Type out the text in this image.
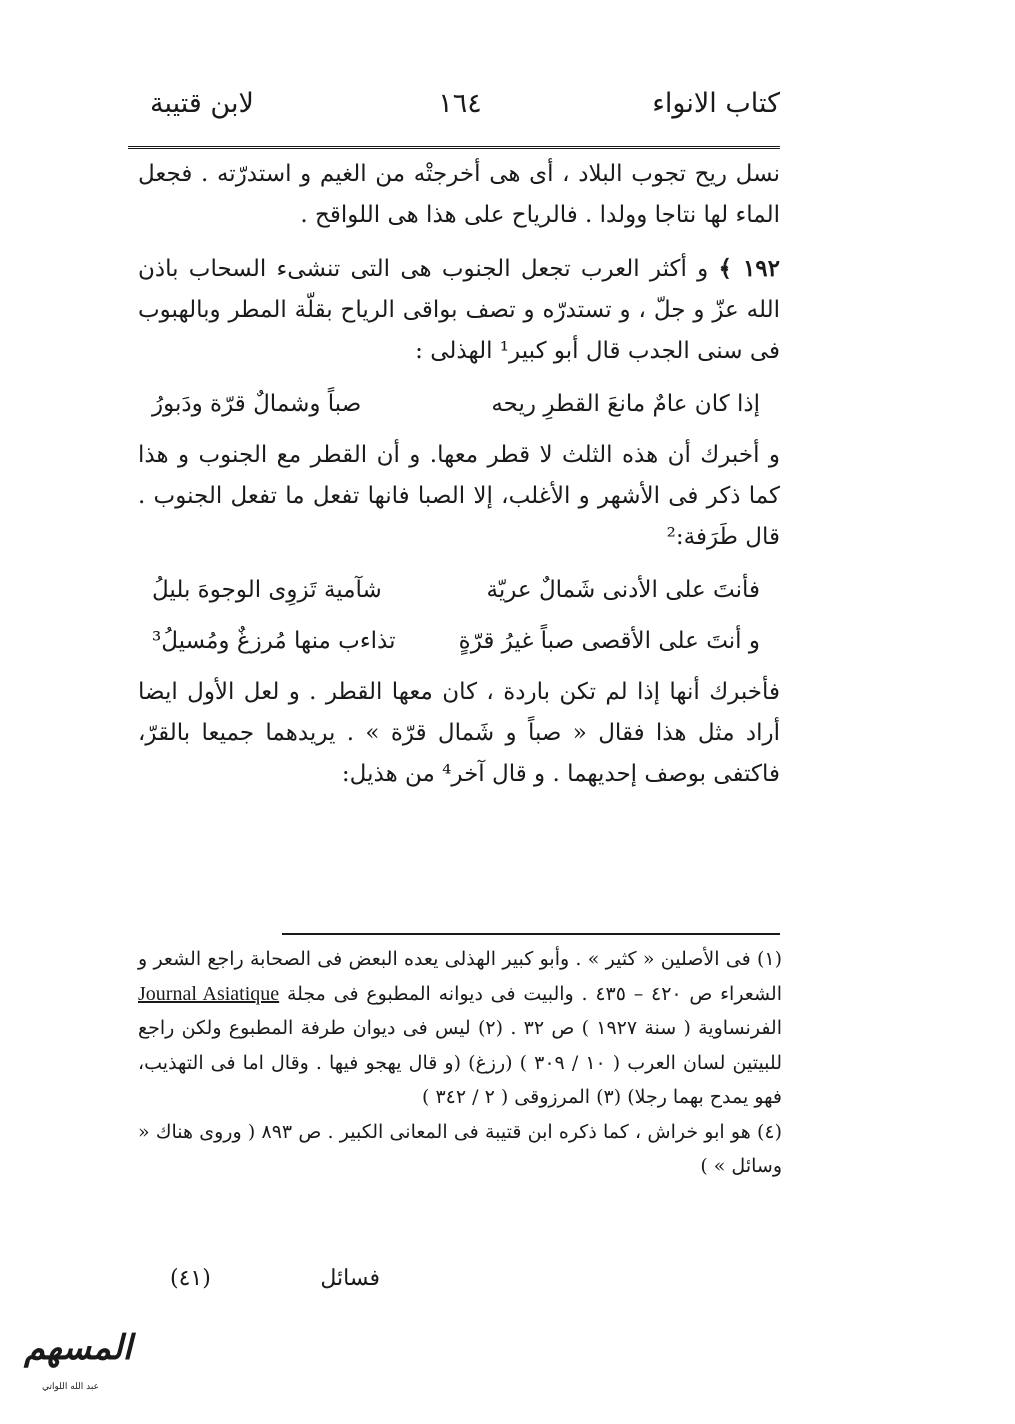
كتاب الانواء
١٦٤
لابن قتيبة

نسل ريح تجوب البلاد ، أى هى أخرجتْه من الغيم و استدرّته . فجعل الماء لها نتاجا وولدا . فالرياح على هذا هى اللواقح .

١٩٢ ﴾ و أكثر العرب تجعل الجنوب هى التى تنشىء السحاب باذن الله عزّ و جلّ ، و تستدرّه و تصف بواقى الرياح بقلّة المطر وبالهبوب فى سنى الجدب قال أبو كبير¹ الهذلى :

إذا كان عامٌ مانعَ القطرِ ريحه
صباً وشمالٌ قرّة ودَبورُ

و أخبرك أن هذه الثلث لا قطر معها. و أن القطر مع الجنوب و هذا كما ذكر فى الأشهر و الأغلب، إلا الصبا فانها تفعل ما تفعل الجنوب . قال طَرَفة:²

فأنتَ على الأدنى شَمالٌ عريّة
شآمية تَزوِى الوجوهَ بليلُ
و أنتَ على الأقصى صباً غيرُ قرّةٍ
تذاءب منها مُرزغٌ ومُسيلُ³

فأخبرك أنها إذا لم تكن باردة ، كان معها القطر . و لعل الأول ايضا أراد مثل هذا فقال « صباً و شَمال قرّة » . يريدهما جميعا بالقرّ، فاكتفى بوصف إحديهما . و قال آخر⁴ من هذيل:

(١) فى الأصلين « كثير » . وأبو كبير الهذلى يعده البعض فى الصحابة راجع الشعر و الشعراء ص ٤٢٠ – ٤٣٥ . والبيت فى ديوانه المطبوع فى مجلة Journal Asiatique الفرنساوية ( سنة ١٩٢٧ ) ص ٣٢ . (٢) ليس فى ديوان طرفة المطبوع ولكن راجع للبيتين لسان العرب ( ١٠ / ٣٠٩ ) (رزغ) (و قال يهجو فيها . وقال اما فى التهذيب، فهو يمدح بهما رجلا) (٣) المرزوقى ( ٢ / ٣٤٢ )

(٤) هو ابو خراش ، كما ذكره ابن قتيبة فى المعانى الكبير . ص ٨٩٣ ( وروى هناك « وسائل » )

فسائل
(٤١)
المسهم
عبد الله اللواتي
